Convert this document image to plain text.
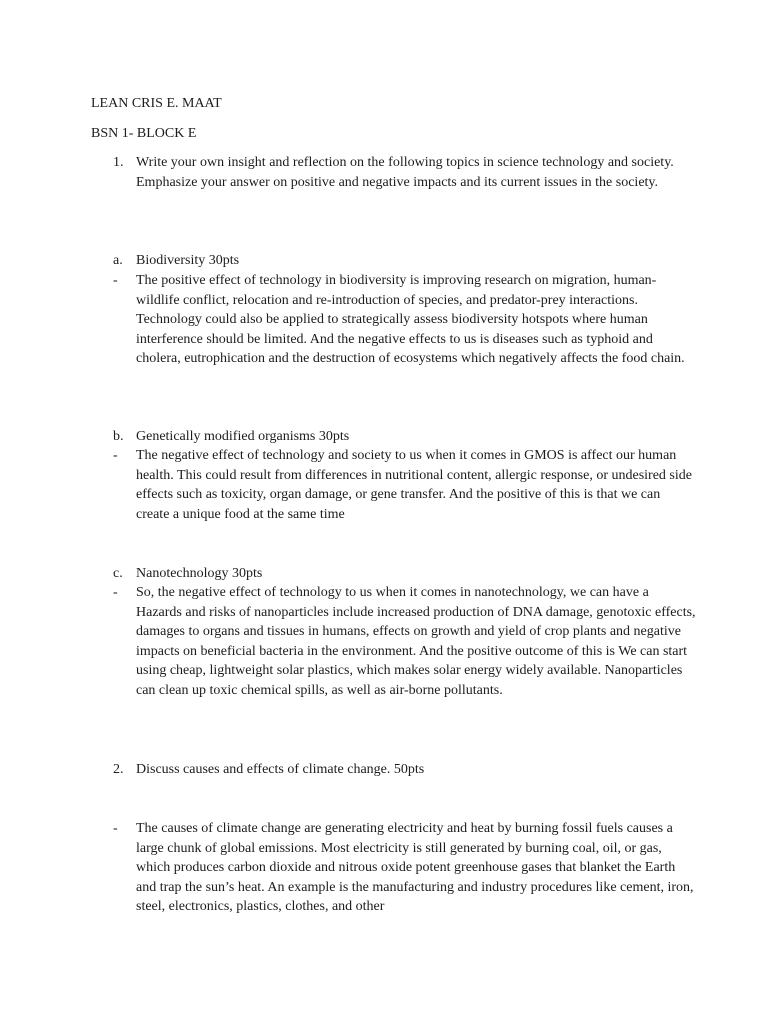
LEAN CRIS E. MAAT
BSN 1- BLOCK E
1. Write your own insight and reflection on the following topics in science technology and society. Emphasize your answer on positive and negative impacts and its current issues in the society.

a. Biodiversity 30pts
- The positive effect of technology in biodiversity is improving research on migration, human-wildlife conflict, relocation and re-introduction of species, and predator-prey interactions. Technology could also be applied to strategically assess biodiversity hotspots where human interference should be limited. And the negative effects to us is diseases such as typhoid and cholera, eutrophication and the destruction of ecosystems which negatively affects the food chain.

b. Genetically modified organisms 30pts
- The negative effect of technology and society to us when it comes in GMOS is affect our human health. This could result from differences in nutritional content, allergic response, or undesired side effects such as toxicity, organ damage, or gene transfer. And the positive of this is that we can create a unique food at the same time

c. Nanotechnology 30pts
- So, the negative effect of technology to us when it comes in nanotechnology, we can have a Hazards and risks of nanoparticles include increased production of DNA damage, genotoxic effects, damages to organs and tissues in humans, effects on growth and yield of crop plants and negative impacts on beneficial bacteria in the environment. And the positive outcome of this is We can start using cheap, lightweight solar plastics, which makes solar energy widely available. Nanoparticles can clean up toxic chemical spills, as well as air-borne pollutants.

2. Discuss causes and effects of climate change. 50pts
- The causes of climate change are generating electricity and heat by burning fossil fuels causes a large chunk of global emissions. Most electricity is still generated by burning coal, oil, or gas, which produces carbon dioxide and nitrous oxide potent greenhouse gases that blanket the Earth and trap the sun’s heat. An example is the manufacturing and industry procedures like cement, iron, steel, electronics, plastics, clothes, and other
